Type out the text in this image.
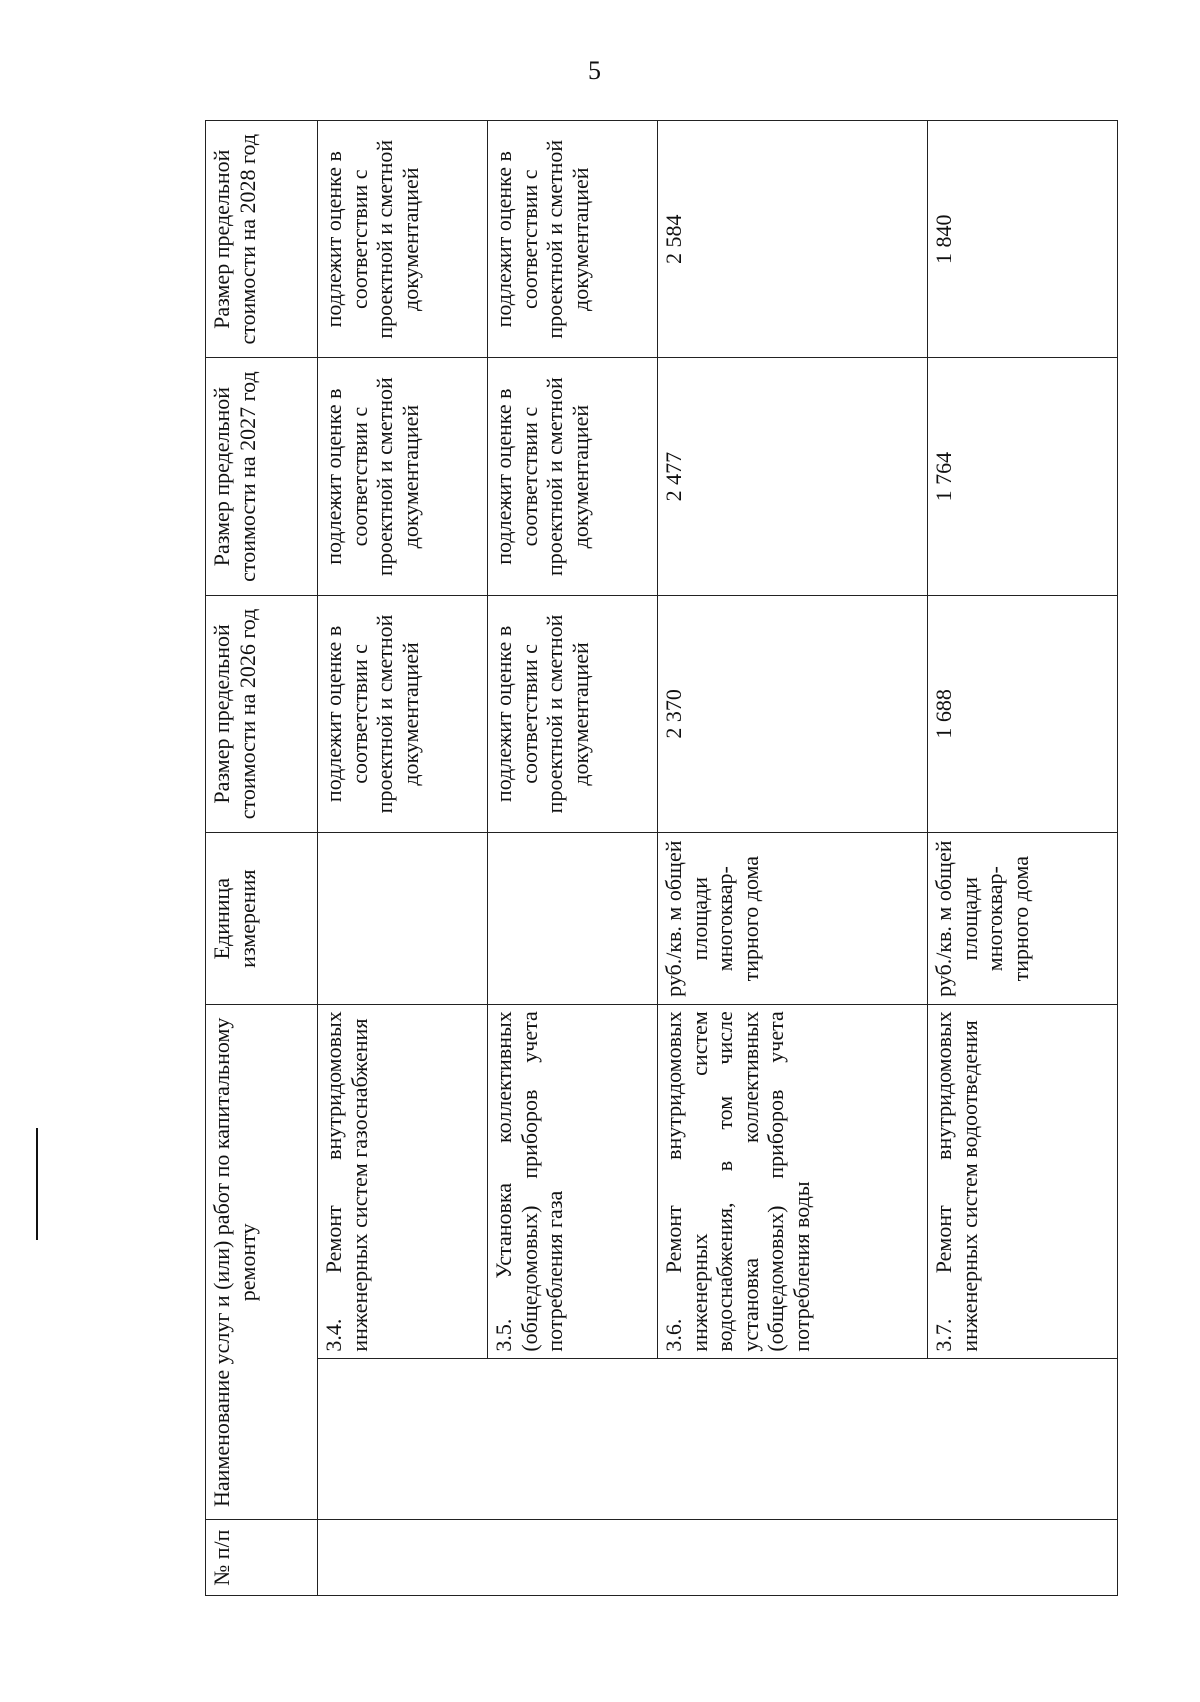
5
№ п/п	Наименование услуг и (или) работ по капитальному ремонту		Единица измерения	Размер предельной стоимости на 2026 год	Размер предельной стоимости на 2027 год	Размер предельной стоимости на 2028 год
		3.4. Ремонт внутридомовых инженерных систем газоснабжения		подлежит оценке в соответствии с проектной и сметной документацией	подлежит оценке в соответствии с проектной и сметной документацией	подлежит оценке в соответствии с проектной и сметной документацией
		3.5. Установка коллективных (общедомовых) приборов учета потребления газа		подлежит оценке в соответствии с проектной и сметной документацией	подлежит оценке в соответствии с проектной и сметной документацией	подлежит оценке в соответствии с проектной и сметной документацией
		3.6. Ремонт внутридомовых инженерных систем водоснабжения, в том числе установка коллективных (общедомовых) приборов учета потребления воды	руб./кв. м общей площади многоквар-тирного дома	2 370	2 477	2 584
		3.7. Ремонт внутридомовых инженерных систем водоотведения	руб./кв. м общей площади многоквар-тирного дома	1 688	1 764	1 840
